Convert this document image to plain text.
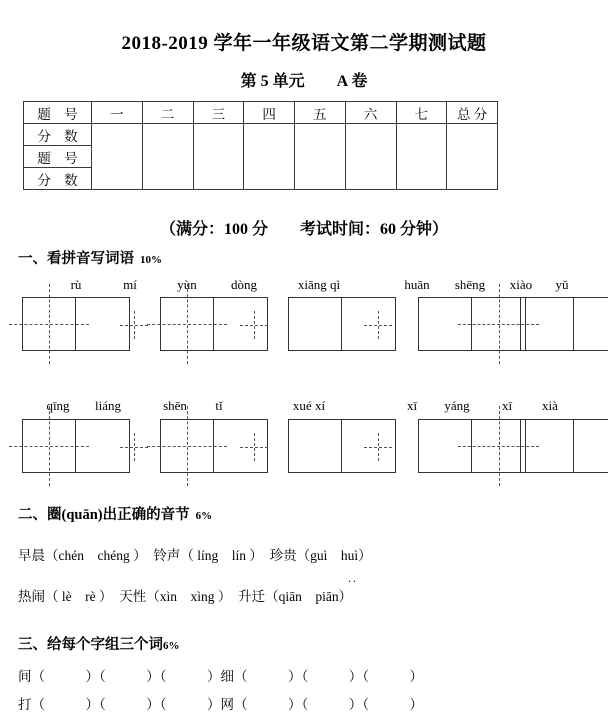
2018-2019 学年一年级语文第二学期测试题
第 5 单元　　A 卷
题 号	一	二	三	四	五	六	七	总 分
分 数								
题 号								
分 数								
（满分：100 分　　考试时间：60 分钟）
一、看拼音写词语 10%
rù	mí	yùn	dòng	xiāng qì	huān	shēng	xiào	yǔ
qīng	liáng	shēn	tǐ	xué xí	xī	yáng	xī	xià
二、圈(quān)出正确的音节 6%
早晨（chén　chéng ）　铃声（ líng　lín ）　珍贵（guì　huì）
..
热闹（ lè　rè ）　天性（xìn　xìng ）　升迁（qiān　piān）
三、给每个字组三个词6%
间（　　　）（　　　）（　　　）细（　　　）（　　　）（　　　）
打（　　　）（　　　）（　　　）网（　　　）（　　　）（　　　）
